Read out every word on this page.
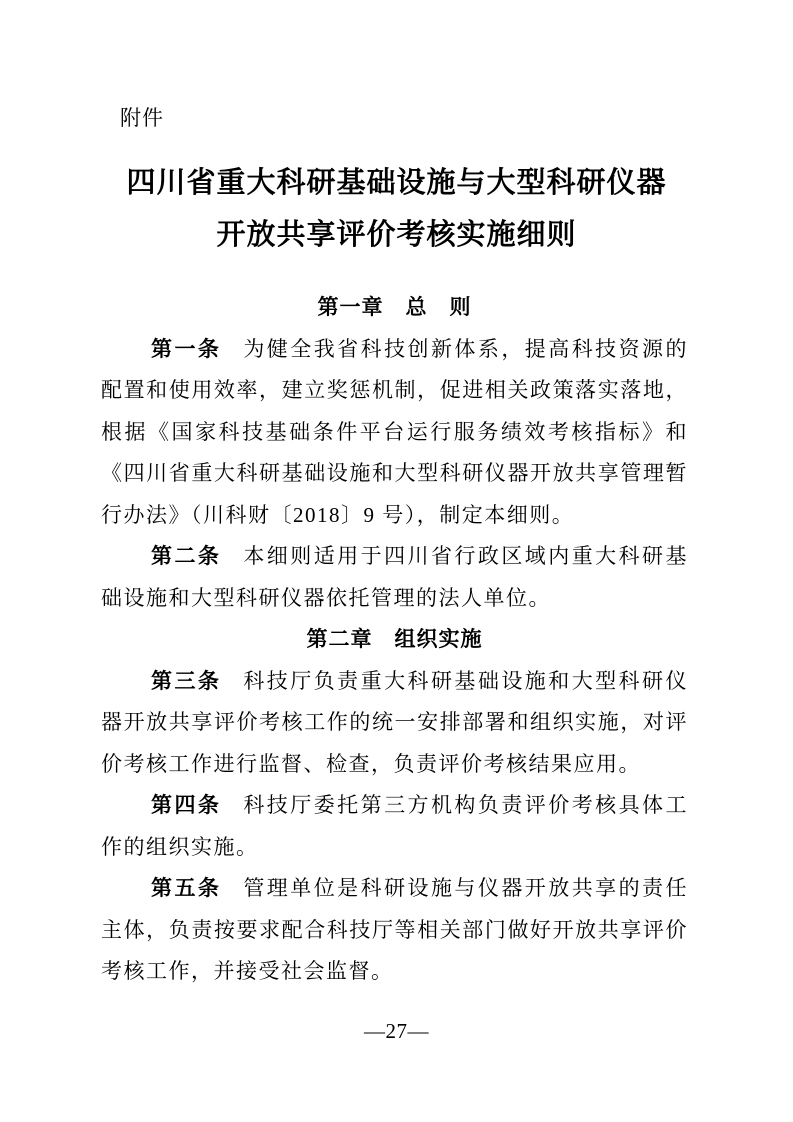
附件
四川省重大科研基础设施与大型科研仪器
开放共享评价考核实施细则
第一章　总　则

第一条 为健全我省科技创新体系，提高科技资源的配置和使用效率，建立奖惩机制，促进相关政策落实落地，根据《国家科技基础条件平台运行服务绩效考核指标》和《四川省重大科研基础设施和大型科研仪器开放共享管理暂行办法》（川科财〔2018〕9 号），制定本细则。

第二条 本细则适用于四川省行政区域内重大科研基础设施和大型科研仪器依托管理的法人单位。

第二章　组织实施

第三条 科技厅负责重大科研基础设施和大型科研仪器开放共享评价考核工作的统一安排部署和组织实施，对评价考核工作进行监督、检查，负责评价考核结果应用。

第四条 科技厅委托第三方机构负责评价考核具体工作的组织实施。

第五条 管理单位是科研设施与仪器开放共享的责任主体，负责按要求配合科技厅等相关部门做好开放共享评价考核工作，并接受社会监督。

—27—
